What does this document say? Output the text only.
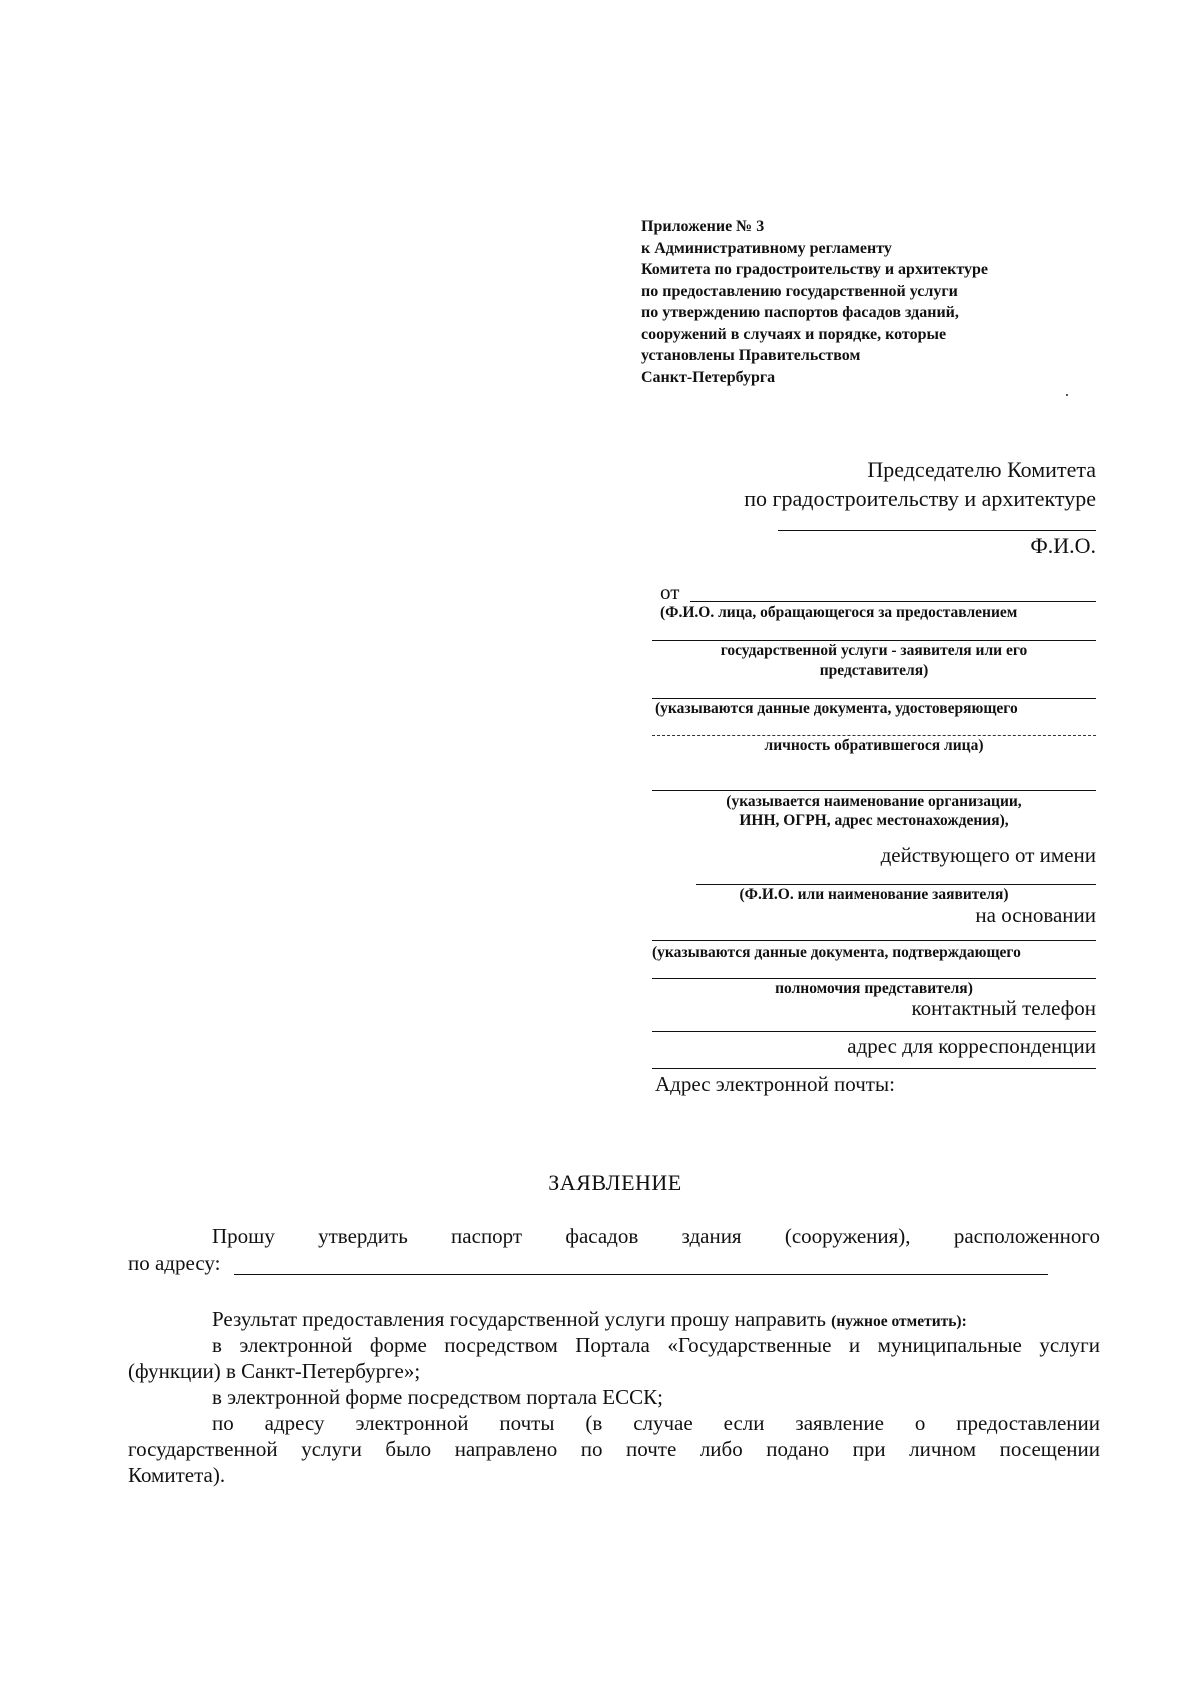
Приложение № 3
к Административному регламенту
Комитета по градостроительству и архитектуре
по предоставлению государственной услуги
по утверждению паспортов фасадов зданий,
сооружений в случаях и порядке, которые
установлены Правительством
Санкт-Петербурга
Председателю Комитета
по градостроительству и архитектуре
Ф.И.О.
от
(Ф.И.О. лица, обращающегося за предоставлением
государственной услуги - заявителя или его
представителя)
(указываются данные документа, удостоверяющего
личность обратившегося лица)
(указывается наименование организации,
ИНН, ОГРН, адрес местонахождения),
действующего от имени
(Ф.И.О. или наименование заявителя)
на основании
(указываются данные документа, подтверждающего
полномочия представителя)
контактный телефон
адрес для корреспонденции
Адрес электронной почты:
ЗАЯВЛЕНИЕ
Прошу утвердить паспорт фасадов здания (сооружения), расположенного
по адресу:
Результат предоставления государственной услуги прошу направить (нужное отметить):
в электронной форме посредством Портала «Государственные и муниципальные услуги
(функции) в Санкт-Петербурге»;
в электронной форме посредством портала ЕССК;
по адресу электронной почты (в случае если заявление о предоставлении
государственной услуги было направлено по почте либо подано при личном посещении
Комитета).
